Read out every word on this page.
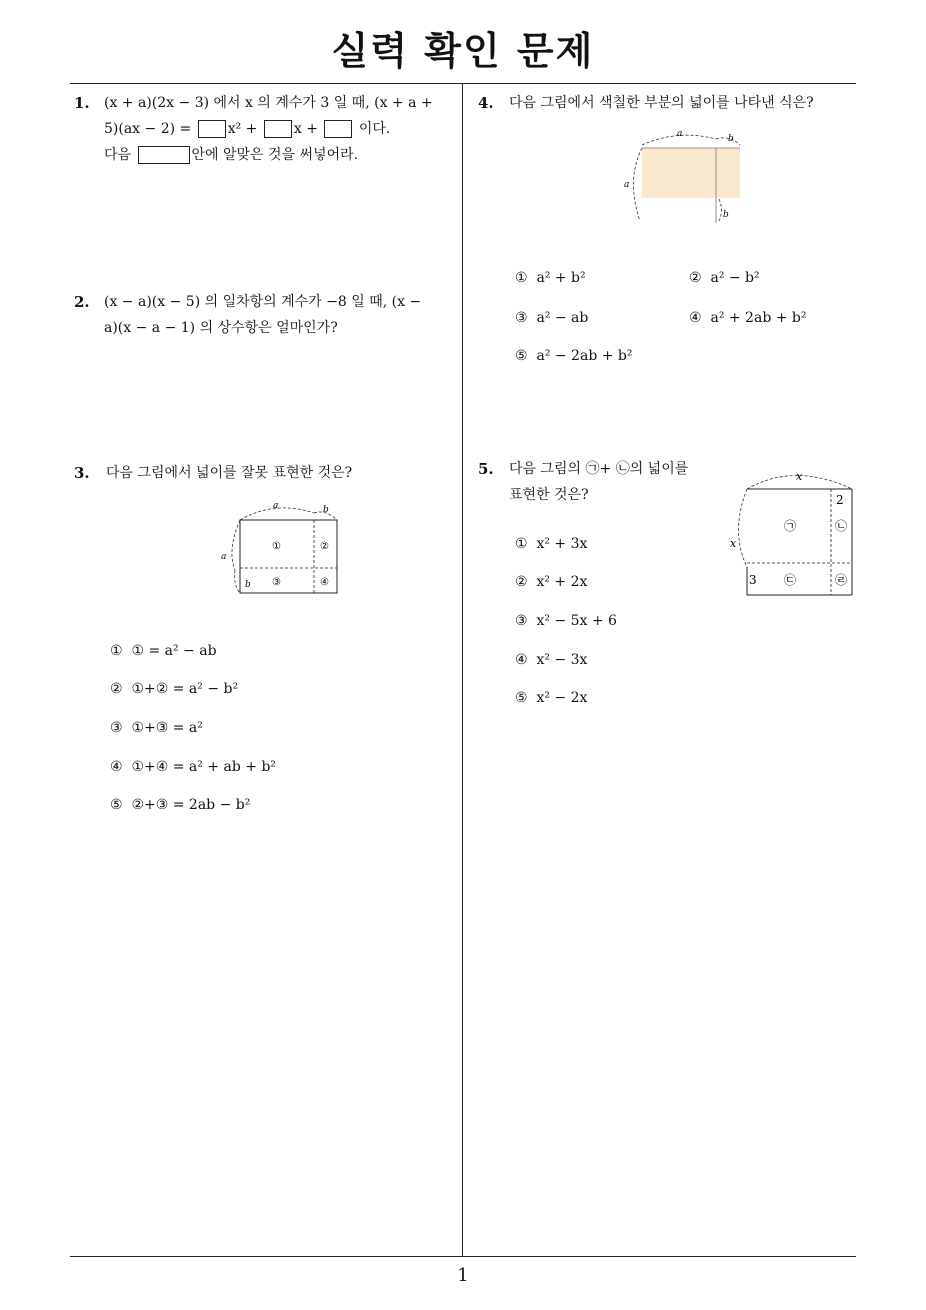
실력 확인 문제
1. (x + a)(2x − 3) 에서 x 의 계수가 3 일 때, (x + a +
5)(ax − 2) =	x² +	x +	이다.
다음	안에 알맞은 것을 써넣어라.
2. (x − a)(x − 5) 의 일차항의 계수가 −8 일 때, (x −
a)(x − a − 1) 의 상수항은 얼마인가?
3. 다음 그림에서 넓이를 잘못 표현한 것은?
a	b
a
b
①	②
③	④
① ① = a² − ab
② ①+② = a² − b²
③ ①+③ = a²
④ ①+④ = a² + ab + b²
⑤ ②+③ = 2ab − b²
4. 다음 그림에서 색칠한 부분의 넓이를 나타낸 식은?
a	b
a
b
① a² + b²	② a² − b²
③ a² − ab	④ a² + 2ab + b²
⑤ a² − 2ab + b²
5. 다음 그림의 ㉠+ ㉡의 넓이를
표현한 것은?
x
2
x
3
㉠	㉡
㉢	㉣
① x² + 3x
② x² + 2x
③ x² − 5x + 6
④ x² − 3x
⑤ x² − 2x
1
